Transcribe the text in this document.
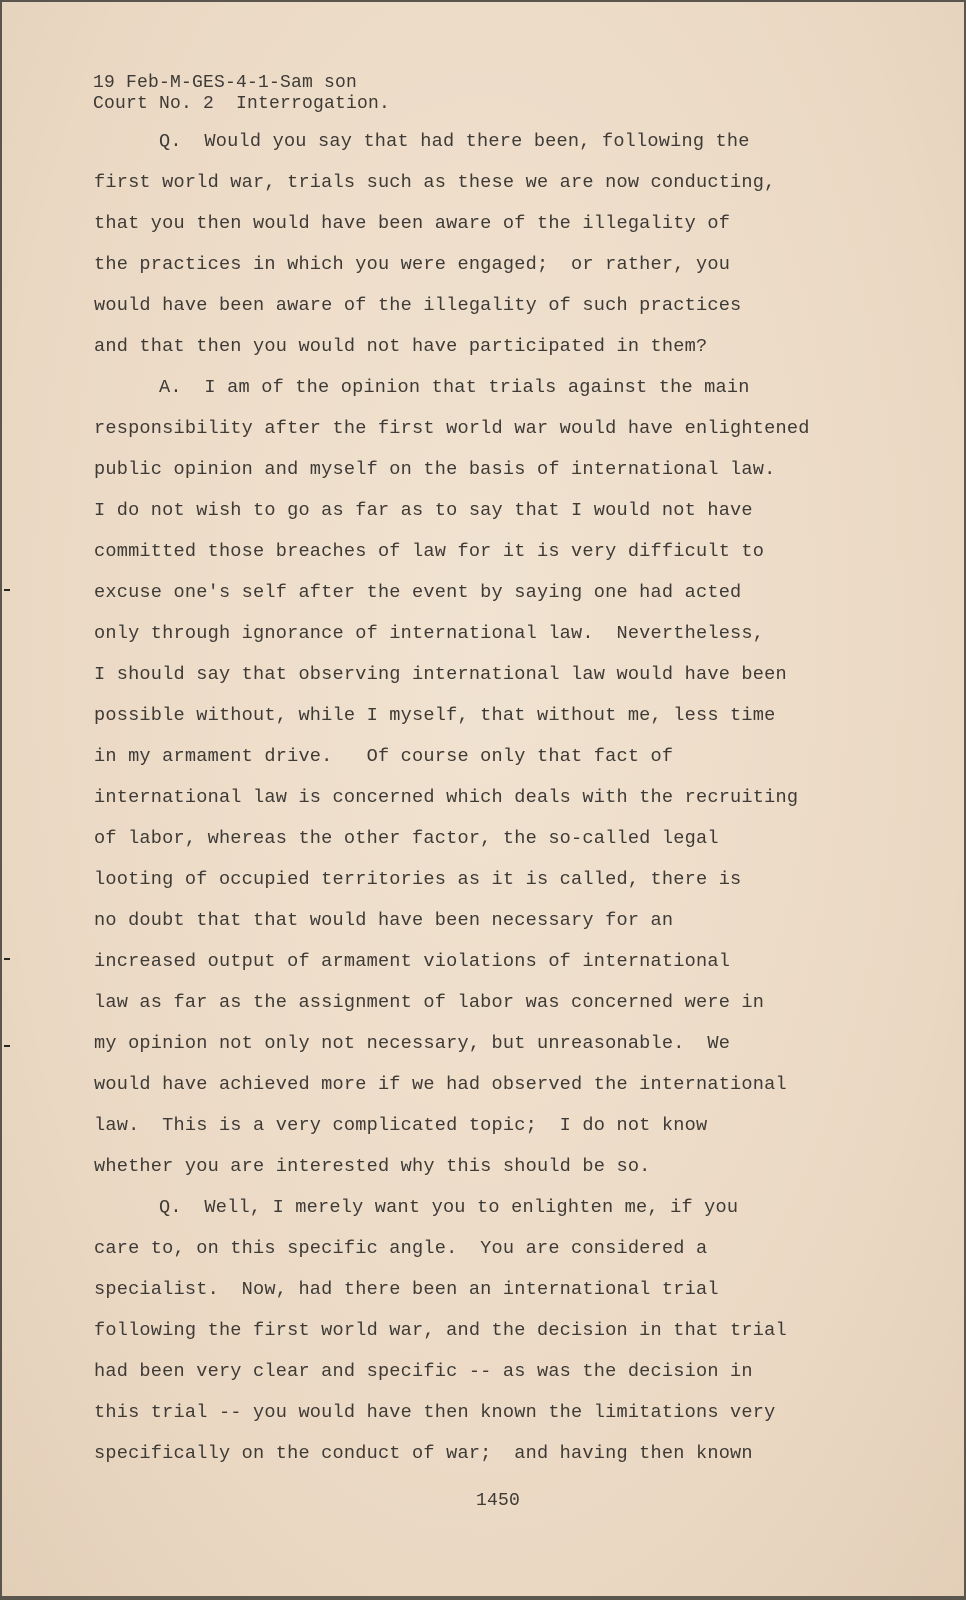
19 Feb-M-GES-4-1-Sam son
Court No. 2  Interrogation.
Q.  Would you say that had there been, following the
first world war, trials such as these we are now conducting,
that you then would have been aware of the illegality of
the practices in which you were engaged;  or rather, you
would have been aware of the illegality of such practices
and that then you would not have participated in them?
A.  I am of the opinion that trials against the main
responsibility after the first world war would have enlightened
public opinion and myself on the basis of international law.
I do not wish to go as far as to say that I would not have
committed those breaches of law for it is very difficult to
excuse one's self after the event by saying one had acted
only through ignorance of international law.  Nevertheless,
I should say that observing international law would have been
possible without, while I myself, that without me, less time
in my armament drive.   Of course only that fact of
international law is concerned which deals with the recruiting
of labor, whereas the other factor, the so-called legal
looting of occupied territories as it is called, there is
no doubt that that would have been necessary for an
increased output of armament violations of international
law as far as the assignment of labor was concerned were in
my opinion not only not necessary, but unreasonable.  We
would have achieved more if we had observed the international
law.  This is a very complicated topic;  I do not know
whether you are interested why this should be so.
Q.  Well, I merely want you to enlighten me, if you
care to, on this specific angle.  You are considered a
specialist.  Now, had there been an international trial
following the first world war, and the decision in that trial
had been very clear and specific -- as was the decision in
this trial -- you would have then known the limitations very
specifically on the conduct of war;  and having then known
1450
